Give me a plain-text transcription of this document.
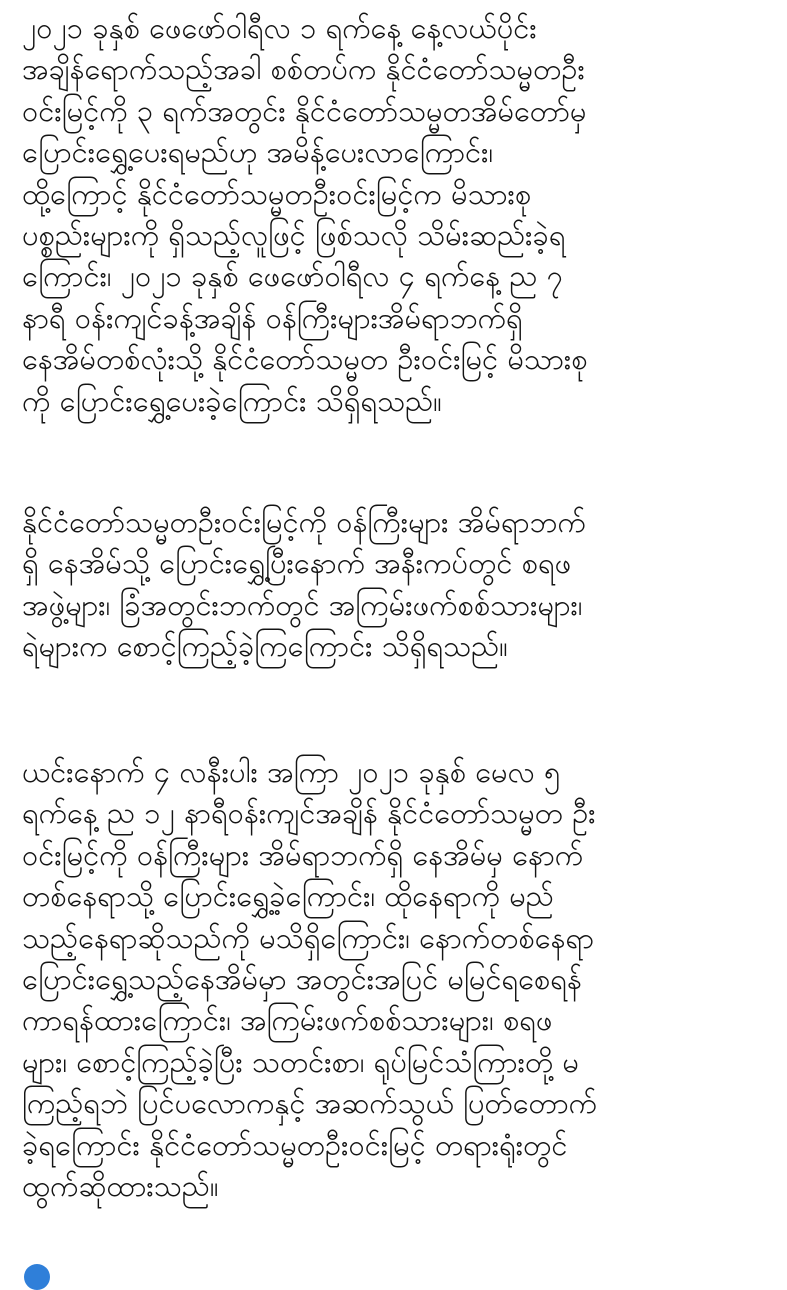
၂၀၂၁ ခုနှစ် ဖေဖော်ဝါရီလ ၁ ရက်နေ့ နေ့လယ်ပိုင်း
အချိန်ရောက်သည့်အခါ စစ်တပ်က နိုင်ငံတော်သမ္မတဦး
ဝင်းမြင့်ကို ၃ ရက်အတွင်း နိုင်ငံတော်သမ္မတအိမ်တော်မှ
ပြောင်းရွှေ့ပေးရမည်ဟု အမိန့်ပေးလာကြောင်း၊
ထို့ကြောင့် နိုင်ငံတော်သမ္မတဦးဝင်းမြင့်က မိသားစု
ပစ္စည်းများကို ရှိသည့်လူဖြင့် ဖြစ်သလို သိမ်းဆည်းခဲ့ရ
ကြောင်း၊ ၂၀၂၁ ခုနှစ် ဖေဖော်ဝါရီလ ၄ ရက်နေ့ ည ၇
နာရီ ဝန်းကျင်ခန့်အချိန် ဝန်ကြီးများအိမ်ရာဘက်ရှိ
နေအိမ်တစ်လုံးသို့ နိုင်ငံတော်သမ္မတ ဦးဝင်းမြင့် မိသားစု
ကို ပြောင်းရွှေ့ပေးခဲ့ကြောင်း သိရှိရသည်။

နိုင်ငံတော်သမ္မတဦးဝင်းမြင့်ကို ဝန်ကြီးများ အိမ်ရာဘက်
ရှိ နေအိမ်သို့ ပြောင်းရွှေ့ပြီးနောက် အနီးကပ်တွင် စရဖ
အဖွဲ့များ၊ ခြံအတွင်းဘက်တွင် အကြမ်းဖက်စစ်သားများ၊
ရဲများက စောင့်ကြည့်ခဲ့ကြကြောင်း သိရှိရသည်။

ယင်းနောက် ၄ လနီးပါး အကြာ ၂၀၂၁ ခုနှစ် မေလ ၅
ရက်နေ့ ည ၁၂ နာရီဝန်းကျင်အချိန် နိုင်ငံတော်သမ္မတ ဦး
ဝင်းမြင့်ကို ဝန်ကြီးများ အိမ်ရာဘက်ရှိ နေအိမ်မှ နောက်
တစ်နေရာသို့ ပြောင်းရွှေ့ခဲ့ကြောင်း၊ ထိုနေရာကို မည်
သည့်နေရာဆိုသည်ကို မသိရှိကြောင်း၊ နောက်တစ်နေရာ
ပြောင်းရွှေ့သည့်နေအိမ်မှာ အတွင်းအပြင် မမြင်ရစေရန်
ကာရန်ထားကြောင်း၊ အကြမ်းဖက်စစ်သားများ၊ စရဖ
များ၊ စောင့်ကြည့်ခဲ့ပြီး သတင်းစာ၊ ရုပ်မြင်သံကြားတို့ မ
ကြည့်ရဘဲ ပြင်ပလောကနှင့် အဆက်သွယ် ပြတ်တောက်
ခဲ့ရကြောင်း နိုင်ငံတော်သမ္မတဦးဝင်းမြင့် တရားရုံးတွင်
ထွက်ဆိုထားသည်။
